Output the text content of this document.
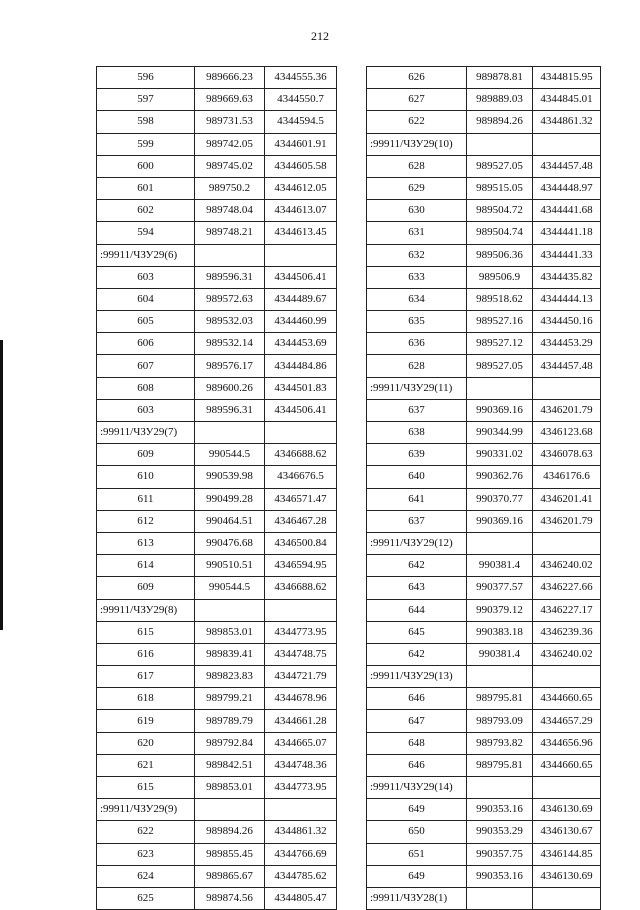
212
596	989666.23	4344555.36
597	989669.63	4344550.7
598	989731.53	4344594.5
599	989742.05	4344601.91
600	989745.02	4344605.58
601	989750.2	4344612.05
602	989748.04	4344613.07
594	989748.21	4344613.45
:99911/ЧЗУ29(6)		
603	989596.31	4344506.41
604	989572.63	4344489.67
605	989532.03	4344460.99
606	989532.14	4344453.69
607	989576.17	4344484.86
608	989600.26	4344501.83
603	989596.31	4344506.41
:99911/ЧЗУ29(7)		
609	990544.5	4346688.62
610	990539.98	4346676.5
611	990499.28	4346571.47
612	990464.51	4346467.28
613	990476.68	4346500.84
614	990510.51	4346594.95
609	990544.5	4346688.62
:99911/ЧЗУ29(8)		
615	989853.01	4344773.95
616	989839.41	4344748.75
617	989823.83	4344721.79
618	989799.21	4344678.96
619	989789.79	4344661.28
620	989792.84	4344665.07
621	989842.51	4344748.36
615	989853.01	4344773.95
:99911/ЧЗУ29(9)		
622	989894.26	4344861.32
623	989855.45	4344766.69
624	989865.67	4344785.62
625	989874.56	4344805.47
626	989878.81	4344815.95
627	989889.03	4344845.01
622	989894.26	4344861.32
:99911/ЧЗУ29(10)		
628	989527.05	4344457.48
629	989515.05	4344448.97
630	989504.72	4344441.68
631	989504.74	4344441.18
632	989506.36	4344441.33
633	989506.9	4344435.82
634	989518.62	4344444.13
635	989527.16	4344450.16
636	989527.12	4344453.29
628	989527.05	4344457.48
:99911/ЧЗУ29(11)		
637	990369.16	4346201.79
638	990344.99	4346123.68
639	990331.02	4346078.63
640	990362.76	4346176.6
641	990370.77	4346201.41
637	990369.16	4346201.79
:99911/ЧЗУ29(12)		
642	990381.4	4346240.02
643	990377.57	4346227.66
644	990379.12	4346227.17
645	990383.18	4346239.36
642	990381.4	4346240.02
:99911/ЧЗУ29(13)		
646	989795.81	4344660.65
647	989793.09	4344657.29
648	989793.82	4344656.96
646	989795.81	4344660.65
:99911/ЧЗУ29(14)		
649	990353.16	4346130.69
650	990353.29	4346130.67
651	990357.75	4346144.85
649	990353.16	4346130.69
:99911/ЧЗУ28(1)		
